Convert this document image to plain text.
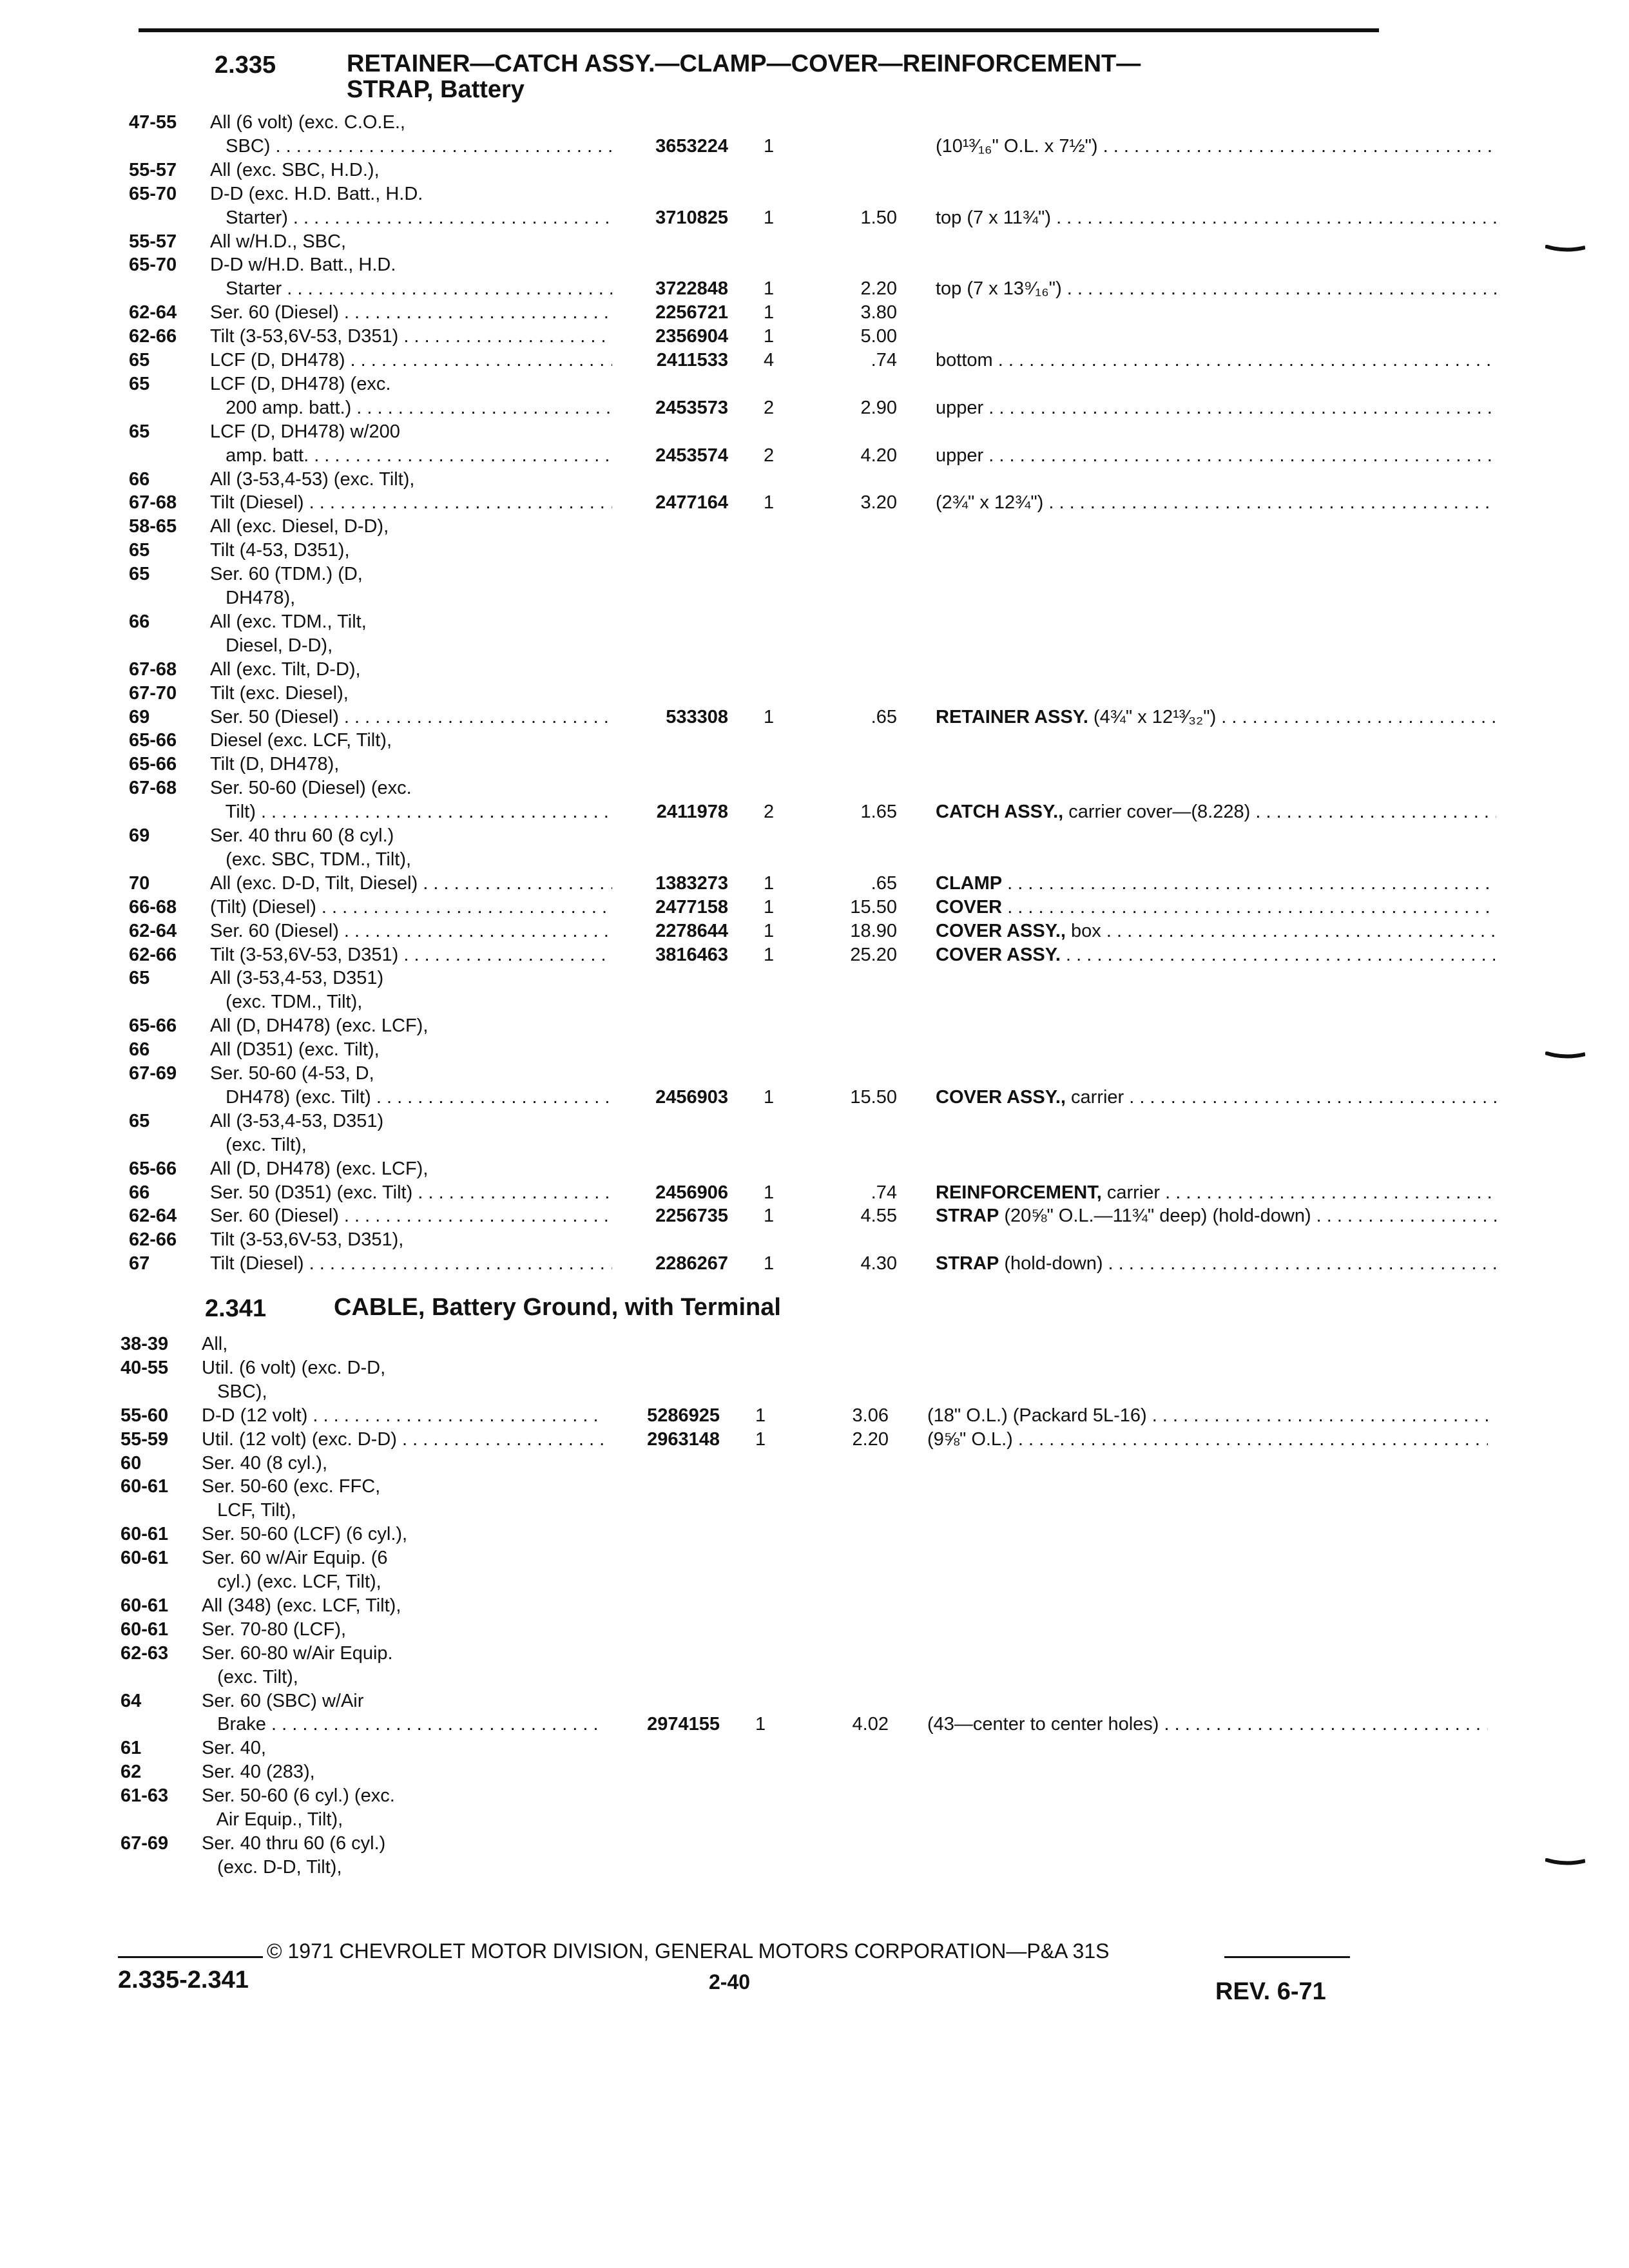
2.335	RETAINER—CATCH ASSY.—CLAMP—COVER—REINFORCEMENT—
STRAP, Battery
2.341	CABLE, Battery Ground, with Terminal
47-55 All (6 volt) (exc. C.O.E.,
SBC) . . .	3653224 1	(10¹³⁄₁₆" O.L. x 7½") . . .
55-57 All (exc. SBC, H.D.),
65-70 D-D (exc. H.D. Batt., H.D.
Starter) . . .	3710825 1	1.50 top (7 x 11¾") . . .
55-57 All w/H.D., SBC,
65-70 D-D w/H.D. Batt., H.D.
Starter . . .	3722848 1	2.20 top (7 x 13⁹⁄₁₆") . . .
62-64 Ser. 60 (Diesel) . . .	2256721 1	3.80
62-66 Tilt (3-53,6V-53, D351) . . .	2356904 1	5.00
65	LCF (D, DH478) . . .	2411533 4	.74 bottom . . .
65	LCF (D, DH478) (exc.
200 amp. batt.) . . .	2453573 2	2.90 upper . . .
65	LCF (D, DH478) w/200
amp. batt. . . .	2453574 2	4.20 upper . . .
66	All (3-53,4-53) (exc. Tilt),
67-68 Tilt (Diesel) . . .	2477164 1	3.20 (2¾" x 12¾") . . .
58-65 All (exc. Diesel, D-D),
65	Tilt (4-53, D351),
65	Ser. 60 (TDM.) (D,
DH478),
66	All (exc. TDM., Tilt,
Diesel, D-D),
67-68 All (exc. Tilt, D-D),
67-70 Tilt (exc. Diesel),
69	Ser. 50 (Diesel) . . .	533308 1	.65 RETAINER ASSY. (4¾" x 12¹³⁄₃₂") . . .
65-66 Diesel (exc. LCF, Tilt),
65-66 Tilt (D, DH478),
67-68 Ser. 50-60 (Diesel) (exc.
Tilt) . . .	2411978 2	1.65 CATCH ASSY., carrier cover—(8.228) . . .
69	Ser. 40 thru 60 (8 cyl.)
(exc. SBC, TDM., Tilt),
70	All (exc. D-D, Tilt, Diesel) . . .	1383273 1	.65 CLAMP . . .
66-68 (Tilt) (Diesel) . . .	2477158 1	15.50 COVER . . .
62-64 Ser. 60 (Diesel) . . .	2278644 1	18.90 COVER ASSY., box . . .
62-66 Tilt (3-53,6V-53, D351) . . .	3816463 1	25.20 COVER ASSY. . . .
65	All (3-53,4-53, D351)
(exc. TDM., Tilt),
65-66 All (D, DH478) (exc. LCF),
66	All (D351) (exc. Tilt),
67-69 Ser. 50-60 (4-53, D,
DH478) (exc. Tilt) . . .	2456903 1	15.50 COVER ASSY., carrier . . .
65	All (3-53,4-53, D351)
(exc. Tilt),
65-66 All (D, DH478) (exc. LCF),
66	Ser. 50 (D351) (exc. Tilt) . . .	2456906 1	.74 REINFORCEMENT, carrier . . .
62-64 Ser. 60 (Diesel) . . .	2256735 1	4.55 STRAP (20⅝" O.L.—11¾" deep) (hold-down) . . .
62-66 Tilt (3-53,6V-53, D351),
67	Tilt (Diesel) . . .	2286267 1	4.30 STRAP (hold-down) . . .
38-39 All,
40-55 Util. (6 volt) (exc. D-D,
SBC),
55-60 D-D (12 volt) . . .	5286925 1	3.06 (18" O.L.) (Packard 5L-16) . . .
55-59 Util. (12 volt) (exc. D-D) . . .	2963148 1	2.20 (9⅝" O.L.) . . .
60	Ser. 40 (8 cyl.),
60-61 Ser. 50-60 (exc. FFC,
LCF, Tilt),
60-61 Ser. 50-60 (LCF) (6 cyl.),
60-61 Ser. 60 w/Air Equip. (6
cyl.) (exc. LCF, Tilt),
60-61 All (348) (exc. LCF, Tilt),
60-61 Ser. 70-80 (LCF),
62-63 Ser. 60-80 w/Air Equip.
(exc. Tilt),
64	Ser. 60 (SBC) w/Air
Brake . . .	2974155 1	4.02 (43—center to center holes) . . .
61	Ser. 40,
62	Ser. 40 (283),
61-63 Ser. 50-60 (6 cyl.) (exc.
Air Equip., Tilt),
67-69 Ser. 40 thru 60 (6 cyl.)
(exc. D-D, Tilt),
© 1971 CHEVROLET MOTOR DIVISION, GENERAL MOTORS CORPORATION—P&A 31S
2.335-2.341	2-40	REV. 6-71
